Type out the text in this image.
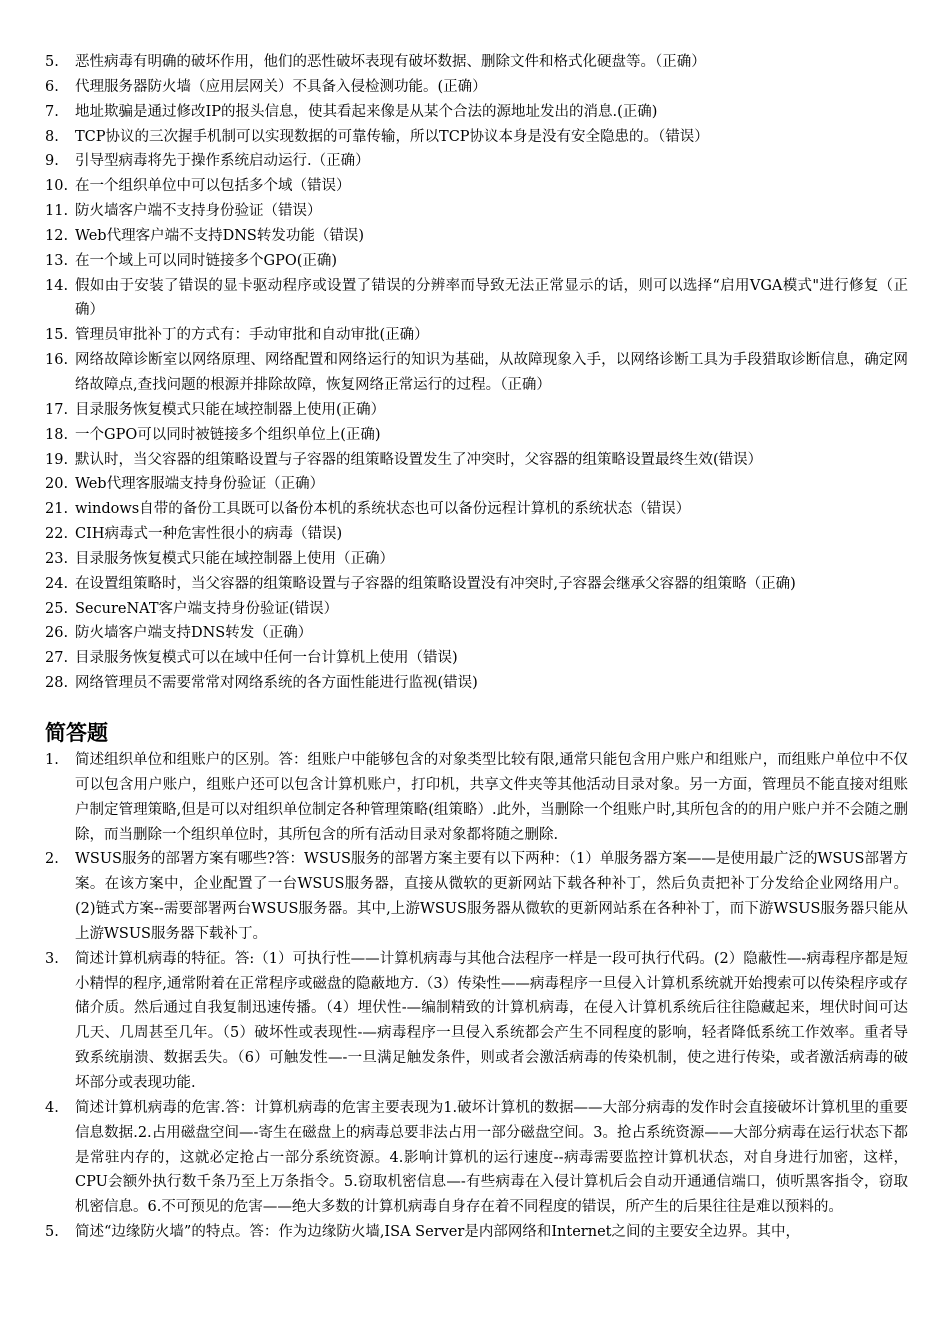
5.	恶性病毒有明确的破坏作用，他们的恶性破坏表现有破坏数据、删除文件和格式化硬盘等。（正确）
6.	代理服务器防火墙（应用层网关）不具备入侵检测功能。(正确）
7.	地址欺骗是通过修改IP的报头信息，使其看起来像是从某个合法的源地址发出的消息.(正确)
8.	TCP协议的三次握手机制可以实现数据的可靠传输，所以TCP协议本身是没有安全隐患的。（错误）
9.	引导型病毒将先于操作系统启动运行.（正确）
10. 在一个组织单位中可以包括多个域（错误）
11. 防火墙客户端不支持身份验证（错误）
12. Web代理客户端不支持DNS转发功能（错误)
13. 在一个域上可以同时链接多个GPO(正确)
14. 假如由于安装了错误的显卡驱动程序或设置了错误的分辨率而导致无法正常显示的话，则可以选择“启用VGA模式"进行修复（正确）
15. 管理员审批补丁的方式有：手动审批和自动审批(正确）
16. 网络故障诊断室以网络原理、网络配置和网络运行的知识为基础，从故障现象入手，以网络诊断工具为手段猎取诊断信息，确定网络故障点,查找问题的根源并排除故障，恢复网络正常运行的过程。（正确）
17. 目录服务恢复模式只能在域控制器上使用(正确）
18. 一个GPO可以同时被链接多个组织单位上(正确)
19. 默认时，当父容器的组策略设置与子容器的组策略设置发生了冲突时，父容器的组策略设置最终生效(错误）
20. Web代理客服端支持身份验证（正确）
21. windows自带的备份工具既可以备份本机的系统状态也可以备份远程计算机的系统状态（错误）
22. CIH病毒式一种危害性很小的病毒（错误)
23. 目录服务恢复模式只能在域控制器上使用（正确）
24. 在设置组策略时，当父容器的组策略设置与子容器的组策略设置没有冲突时,子容器会继承父容器的组策略（正确)
25. SecureNAT客户端支持身份验证(错误）
26. 防火墙客户端支持DNS转发（正确）
27. 目录服务恢复模式可以在域中任何一台计算机上使用（错误)
28. 网络管理员不需要常常对网络系统的各方面性能进行监视(错误)
简答题
1.	简述组织单位和组账户的区别。答：组账户中能够包含的对象类型比较有限,通常只能包含用户账户和组账户，而组账户单位中不仅可以包含用户账户，组账户还可以包含计算机账户，打印机，共享文件夹等其他活动目录对象。另一方面，管理员不能直接对组账户制定管理策略,但是可以对组织单位制定各种管理策略(组策略）.此外，当删除一个组账户时,其所包含的的用户账户并不会随之删除，而当删除一个组织单位时，其所包含的所有活动目录对象都将随之删除.
2.	WSUS服务的部署方案有哪些?答：WSUS服务的部署方案主要有以下两种：（1）单服务器方案——是使用最广泛的WSUS部署方案。在该方案中，企业配置了一台WSUS服务器，直接从微软的更新网站下载各种补丁，然后负责把补丁分发给企业网络用户。(2)链式方案--需要部署两台WSUS服务器。其中,上游WSUS服务器从微软的更新网站系在各种补丁，而下游WSUS服务器只能从上游WSUS服务器下载补丁。
3.	简述计算机病毒的特征。答:（1）可执行性——计算机病毒与其他合法程序一样是一段可执行代码。(2）隐蔽性—-病毒程序都是短小精悍的程序,通常附着在正常程序或磁盘的隐蔽地方.（3）传染性——病毒程序一旦侵入计算机系统就开始搜索可以传染程序或存储介质。然后通过自我复制迅速传播。（4）埋伏性-—编制精致的计算机病毒，在侵入计算机系统后往往隐藏起来，埋伏时间可达几天、几周甚至几年。（5）破坏性或表现性-—病毒程序一旦侵入系统都会产生不同程度的影响，轻者降低系统工作效率。重者导致系统崩溃、数据丢失。（6）可触发性—-一旦满足触发条件，则或者会激活病毒的传染机制，使之进行传染，或者激活病毒的破坏部分或表现功能.
4.	简述计算机病毒的危害.答：计算机病毒的危害主要表现为1.破坏计算机的数据——大部分病毒的发作时会直接破坏计算机里的重要信息数据.2.占用磁盘空间—-寄生在磁盘上的病毒总要非法占用一部分磁盘空间。3。抢占系统资源——大部分病毒在运行状态下都是常驻内存的，这就必定抢占一部分系统资源。4.影响计算机的运行速度--病毒需要监控计算机状态，对自身进行加密，这样，CPU会额外执行数千条乃至上万条指令。5.窃取机密信息—-有些病毒在入侵计算机后会自动开通通信端口，侦听黑客指令，窃取机密信息。6.不可预见的危害——绝大多数的计算机病毒自身存在着不同程度的错误，所产生的后果往往是难以预料的。
5.	简述“边缘防火墙”的特点。答：作为边缘防火墙,ISA Server是内部网络和Internet之间的主要安全边界。其中，
